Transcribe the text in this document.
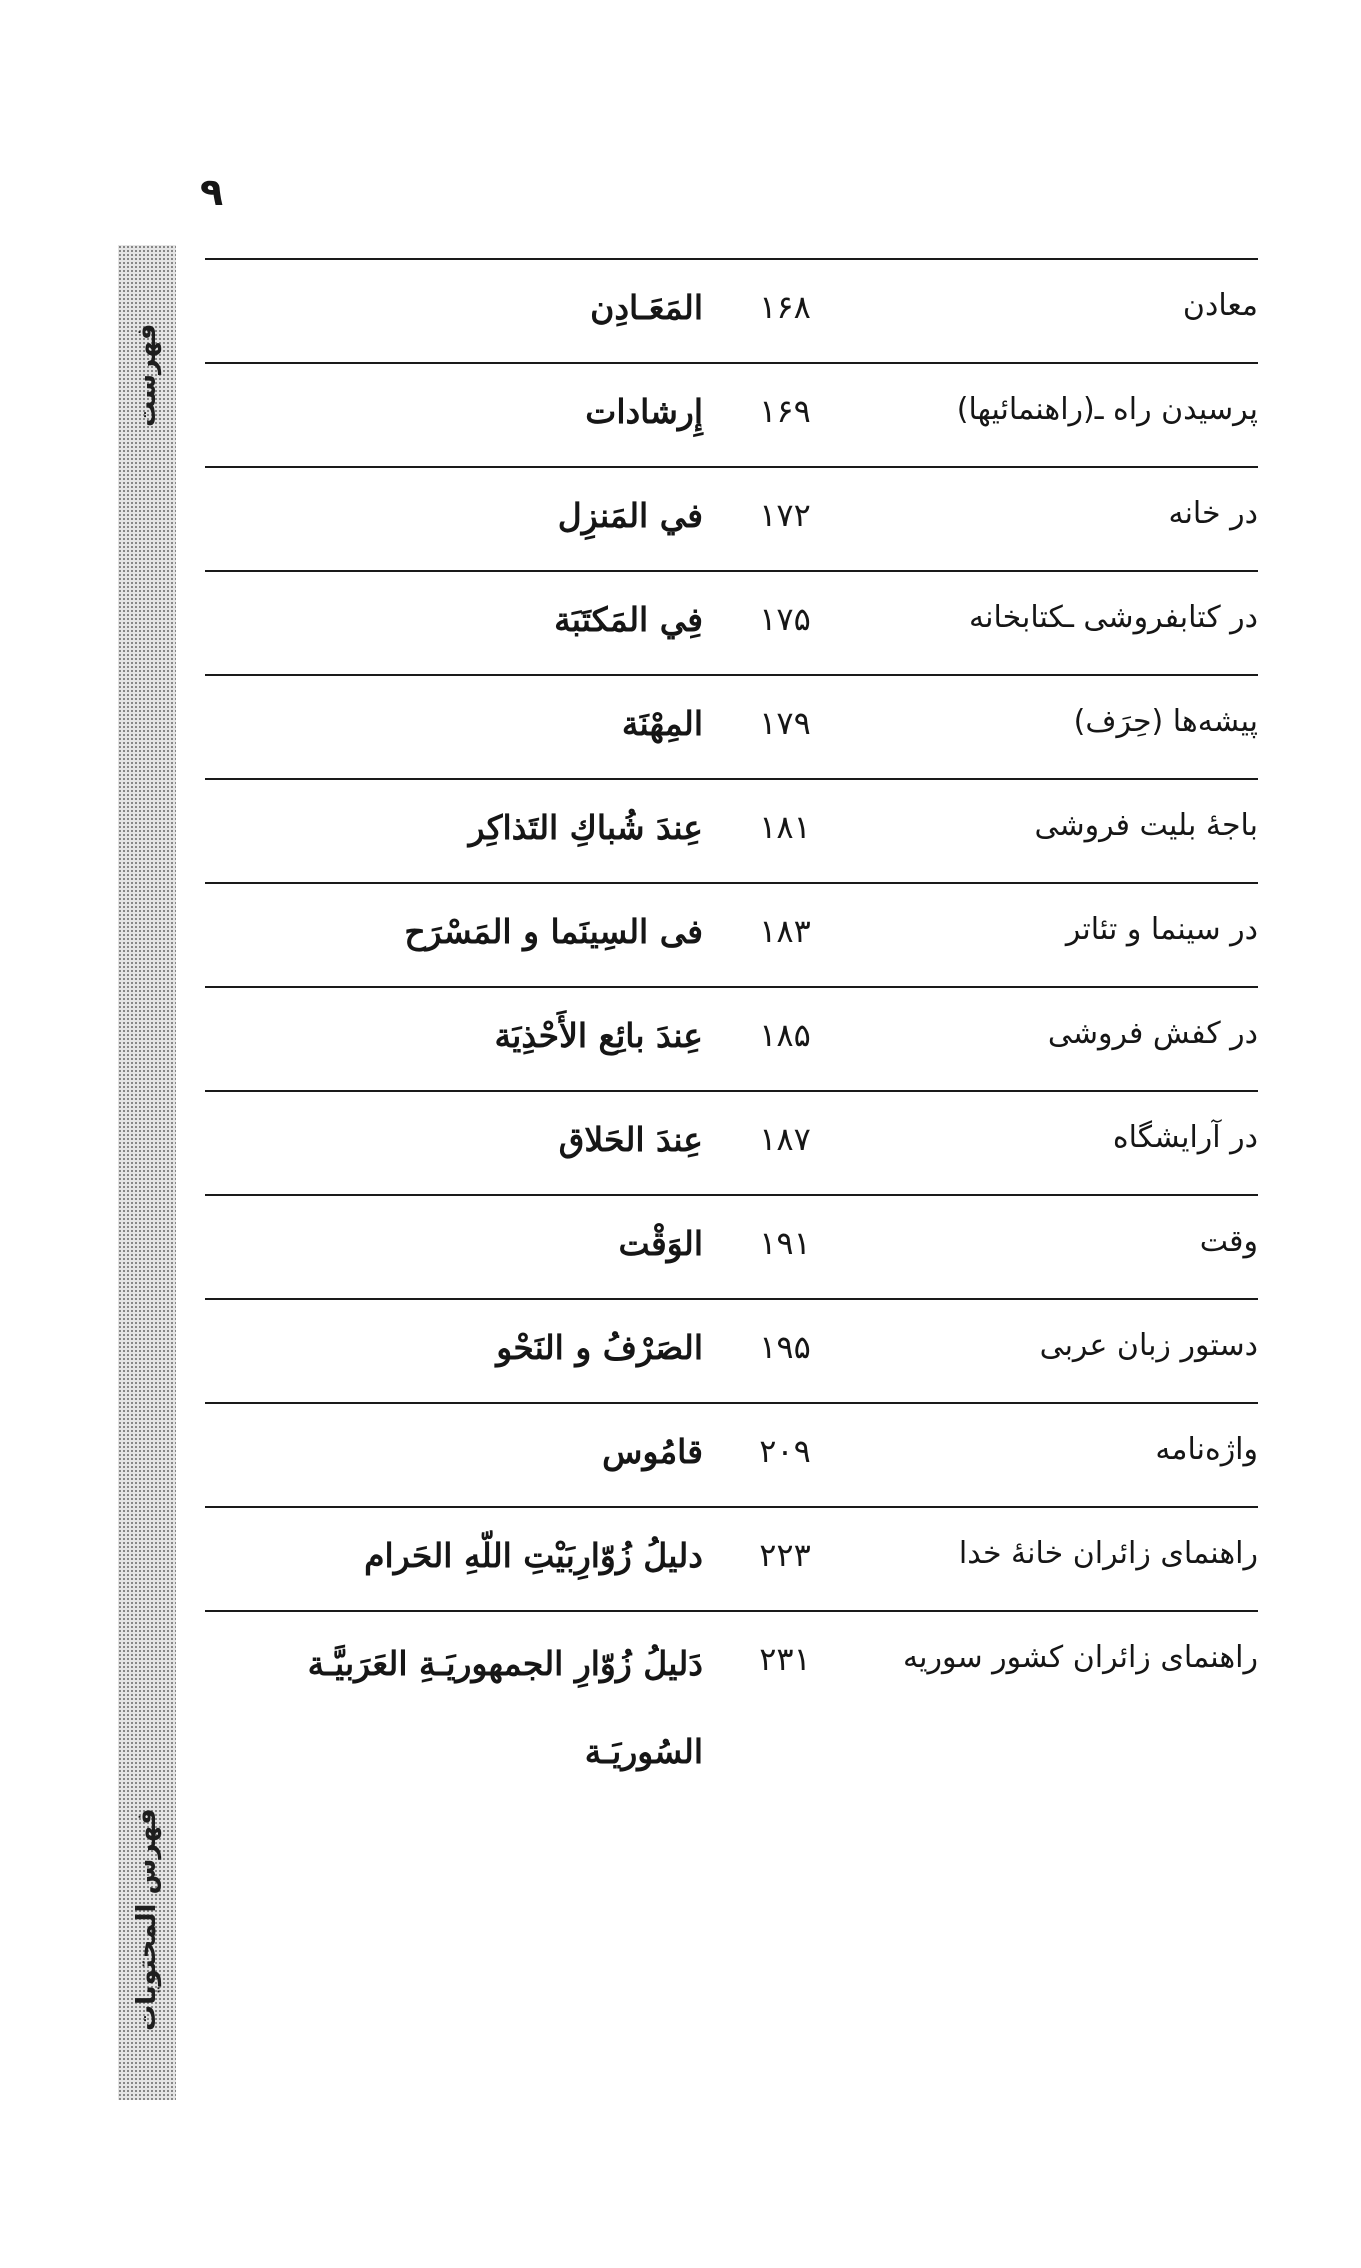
٩
فهرست
فهرس المحتويات
معادن
١۶٨
المَعَـادِن
پرسیدن راه ـ(راهنمائیها)
١۶٩
إِرشادات
در خانه
١٧٢
في المَنزِل
در کتابفروشی ـکتابخانه
١٧۵
فِي المَكتَبَة
پیشه‌ها (حِرَف)
١٧٩
المِهْنَة
باجهٔ بلیت فروشی
١٨١
عِندَ شُباكِ التَذاكِر
در سینما و تئاتر
١٨٣
فى السِينَما و المَسْرَح
در کفش فروشی
١٨۵
عِندَ بائِع الأَحْذِيَة
در آرایشگاه
١٨٧
عِندَ الحَلاق
وقت
١٩١
الوَقْت
دستور زبان عربی
١٩۵
الصَرْفُ و النَحْو
واژه‌نامه
٢٠٩
قامُوس
راهنمای زائران خانهٔ خدا
٢٢٣
دليلُ زُوّارِبَيْتِ اللّهِ الحَرام
راهنمای زائران کشور سوریه
٢٣١
دَليلُ زُوّارِ الجمهوريَـةِ العَرَبيَّـة السُوريَـة
